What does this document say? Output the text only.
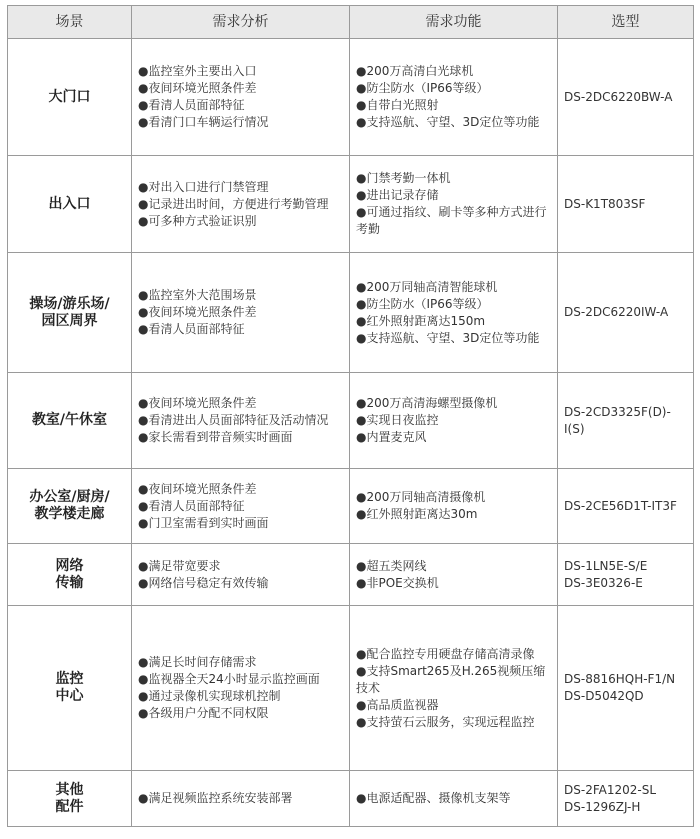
场景	需求分析	需求功能	选型

大门口	●监控室外主要出入口
●夜间环境光照条件差
●看清人员面部特征
●看清门口车辆运行情况	●200万高清白光球机
●防尘防水（IP66等级）
●自带白光照射
●支持巡航、守望、3D定位等功能	DS-2DC6220BW-A

出入口	●对出入口进行门禁管理
●记录进出时间，方便进行考勤管理
●可多种方式验证识别	●门禁考勤一体机
●进出记录存储
●可通过指纹、刷卡等多种方式进行考勤	DS-K1T803SF

操场/游乐场/
园区周界	●监控室外大范围场景
●夜间环境光照条件差
●看清人员面部特征	●200万同轴高清智能球机
●防尘防水（IP66等级）
●红外照射距离达150m
●支持巡航、守望、3D定位等功能	DS-2DC6220IW-A

教室/午休室	●夜间环境光照条件差
●看清进出人员面部特征及活动情况
●家长需看到带音频实时画面	●200万高清海螺型摄像机
●实现日夜监控
●内置麦克风	DS-2CD3325F(D)-I(S)

办公室/厨房/
教学楼走廊	●夜间环境光照条件差
●看清人员面部特征
●门卫室需看到实时画面	●200万同轴高清摄像机
●红外照射距离达30m	DS-2CE56D1T-IT3F

网络
传输	●满足带宽要求
●网络信号稳定有效传输	●超五类网线
●非POE交换机	DS-1LN5E-S/E
DS-3E0326-E

监控
中心	●满足长时间存储需求
●监视器全天24小时显示监控画面
●通过录像机实现球机控制
●各级用户分配不同权限	●配合监控专用硬盘存储高清录像
●支持Smart265及H.265视频压缩技术
●高品质监视器
●支持萤石云服务，实现远程监控	DS-8816HQH-F1/N
DS-D5042QD

其他
配件	●满足视频监控系统安装部署	●电源适配器、摄像机支架等	DS-2FA1202-SL
DS-1296ZJ-H
